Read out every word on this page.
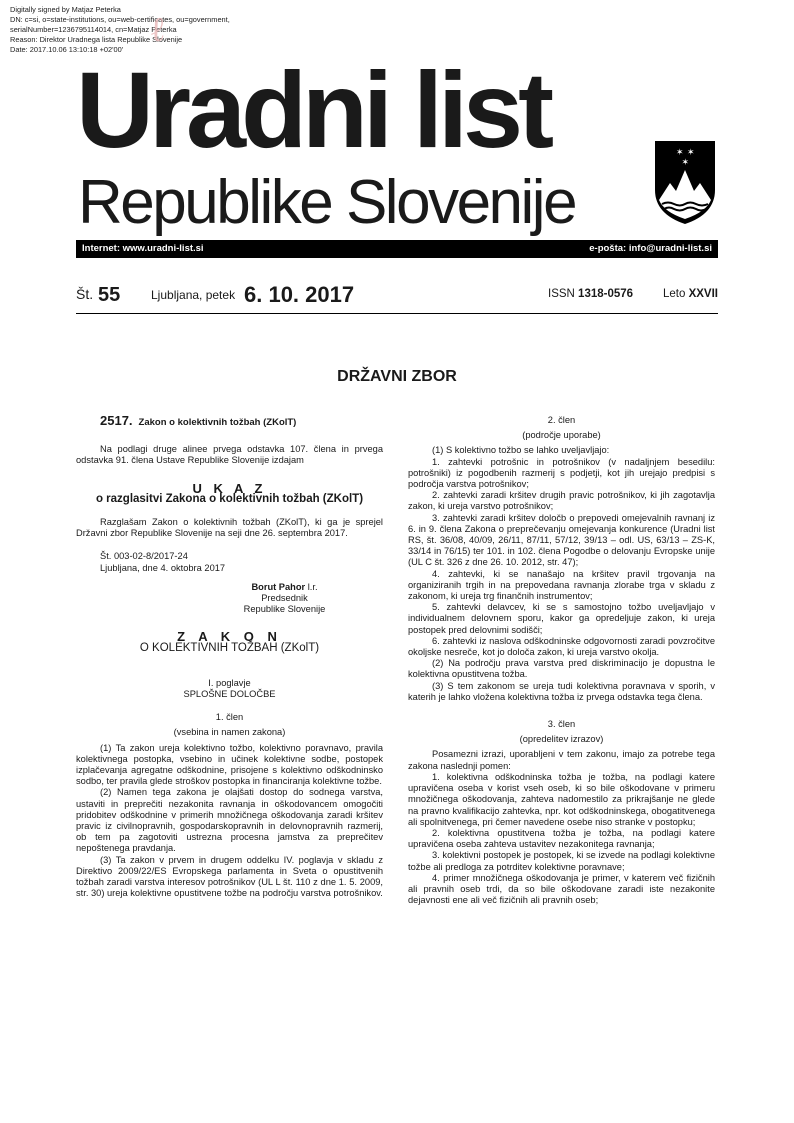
Digitally signed by Matjaz Peterka
DN: c=si, o=state-institutions, ou=web-certificates, ou=government,
serialNumber=1236795114014, cn=Matjaz Peterka
Reason: Direktor Uradnega lista Republike Slovenije
Date: 2017.10.06 13:10:18 +02'00' ℓ
Uradni list
Republike Slovenije
✶ ✶
✶
Internet: www.uradni-list.si	e-pošta: info@uradni-list.si
Št. 55	Ljubljana, petek 6. 10. 2017	ISSN 1318-0576	Leto XXVII
DRŽAVNI ZBOR

2517. Zakon o kolektivnih tožbah (ZKolT)

Na podlagi druge alinee prvega odstavka 107. člena in prvega odstavka 91. člena Ustave Republike Slovenije izdajam

U K A Z

o razglasitvi Zakona o kolektivnih tožbah (ZKolT)

Razglašam Zakon o kolektivnih tožbah (ZKolT), ki ga je sprejel Državni zbor Republike Slovenije na seji dne 26. septembra 2017.

Št. 003-02-8/2017-24

Ljubljana, dne 4. oktobra 2017

Borut Pahor l.r.
Predsednik
Republike Slovenije

Z A K O N

O KOLEKTIVNIH TOŽBAH (ZKolT)

I. poglavje

SPLOŠNE DOLOČBE

1. člen

(vsebina in namen zakona)

(1) Ta zakon ureja kolektivno tožbo, kolektivno poravnavo, pravila kolektivnega postopka, vsebino in učinek kolektivne sodbe, postopek izplačevanja agregatne odškodnine, prisojene s kolektivno odškodninsko sodbo, ter pravila glede stroškov postopka in financiranja kolektivne tožbe.

(2) Namen tega zakona je olajšati dostop do sodnega varstva, ustaviti in preprečiti nezakonita ravnanja in oškodovancem omogočiti pridobitev odškodnine v primerih množičnega oškodovanja zaradi kršitev pravic iz civilnopravnih, gospodarskopravnih in delovnopravnih razmerij, ob tem pa zagotoviti ustrezna procesna jamstva za preprečitev nepoštenega pravdanja.

(3) Ta zakon v prvem in drugem oddelku IV. poglavja v skladu z Direktivo 2009/22/ES Evropskega parlamenta in Sveta o opustitvenih tožbah zaradi varstva interesov potrošnikov (UL L št. 110 z dne 1. 5. 2009, str. 30) ureja kolektivne opustitvene tožbe na področju varstva potrošnikov.

2. člen

(področje uporabe)

(1) S kolektivno tožbo se lahko uveljavljajo:

1. zahtevki potrošnic in potrošnikov (v nadaljnjem besedilu: potrošniki) iz pogodbenih razmerij s podjetji, kot jih urejajo predpisi s področja varstva potrošnikov;

2. zahtevki zaradi kršitev drugih pravic potrošnikov, ki jih zagotavlja zakon, ki ureja varstvo potrošnikov;

3. zahtevki zaradi kršitev določb o prepovedi omejevalnih ravnanj iz 6. in 9. člena Zakona o preprečevanju omejevanja konkurence (Uradni list RS, št. 36/08, 40/09, 26/11, 87/11, 57/12, 39/13 – odl. US, 63/13 – ZS-K, 33/14 in 76/15) ter 101. in 102. člena Pogodbe o delovanju Evropske unije (UL C št. 326 z dne 26. 10. 2012, str. 47);

4. zahtevki, ki se nanašajo na kršitev pravil trgovanja na organiziranih trgih in na prepovedana ravnanja zlorabe trga v skladu z zakonom, ki ureja trg finančnih instrumentov;

5. zahtevki delavcev, ki se s samostojno tožbo uveljavljajo v individualnem delovnem sporu, kakor ga opredeljuje zakon, ki ureja postopek pred delovnimi sodišči;

6. zahtevki iz naslova odškodninske odgovornosti zaradi povzročitve okoljske nesreče, kot jo določa zakon, ki ureja varstvo okolja.

(2) Na področju prava varstva pred diskriminacijo je dopustna le kolektivna opustitvena tožba.

(3) S tem zakonom se ureja tudi kolektivna poravnava v sporih, v katerih je lahko vložena kolektivna tožba iz prvega odstavka tega člena.

3. člen

(opredelitev izrazov)

Posamezni izrazi, uporabljeni v tem zakonu, imajo za potrebe tega zakona naslednji pomen:

1. kolektivna odškodninska tožba je tožba, na podlagi katere upravičena oseba v korist vseh oseb, ki so bile oškodovane v primeru množičnega oškodovanja, zahteva nadomestilo za prikrajšanje ne glede na pravno kvalifikacijo zahtevka, npr. kot odškodninskega, obogatitvenega ali spolnitvenega, pri čemer navedene osebe niso stranke v postopku;

2. kolektivna opustitvena tožba je tožba, na podlagi katere upravičena oseba zahteva ustavitev nezakonitega ravnanja;

3. kolektivni postopek je postopek, ki se izvede na podlagi kolektivne tožbe ali predloga za potrditev kolektivne poravnave;

4. primer množičnega oškodovanja je primer, v katerem več fizičnih ali pravnih oseb trdi, da so bile oškodovane zaradi iste nezakonite dejavnosti ene ali več fizičnih ali pravnih oseb;
